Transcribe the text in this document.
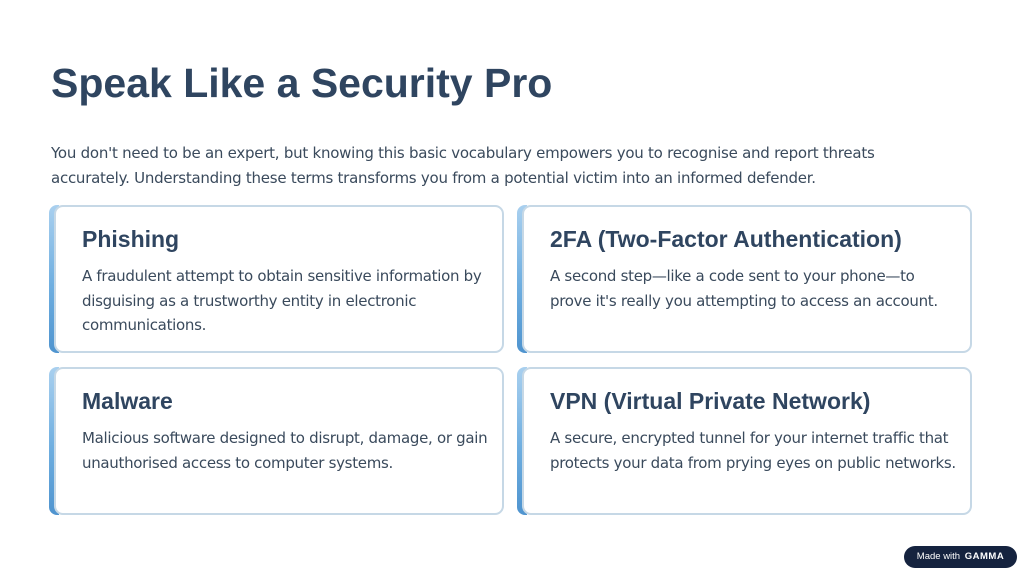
Speak Like a Security Pro

You don't need to be an expert, but knowing this basic vocabulary empowers you to recognise and report threats accurately. Understanding these terms transforms you from a potential victim into an informed defender.

Phishing

A fraudulent attempt to obtain sensitive information by disguising as a trustworthy entity in electronic communications.

2FA (Two-Factor Authentication)

A second step—like a code sent to your phone—to prove it's really you attempting to access an account.

Malware

Malicious software designed to disrupt, damage, or gain unauthorised access to computer systems.

VPN (Virtual Private Network)

A secure, encrypted tunnel for your internet traffic that protects your data from prying eyes on public networks.

Made with GAMMA
